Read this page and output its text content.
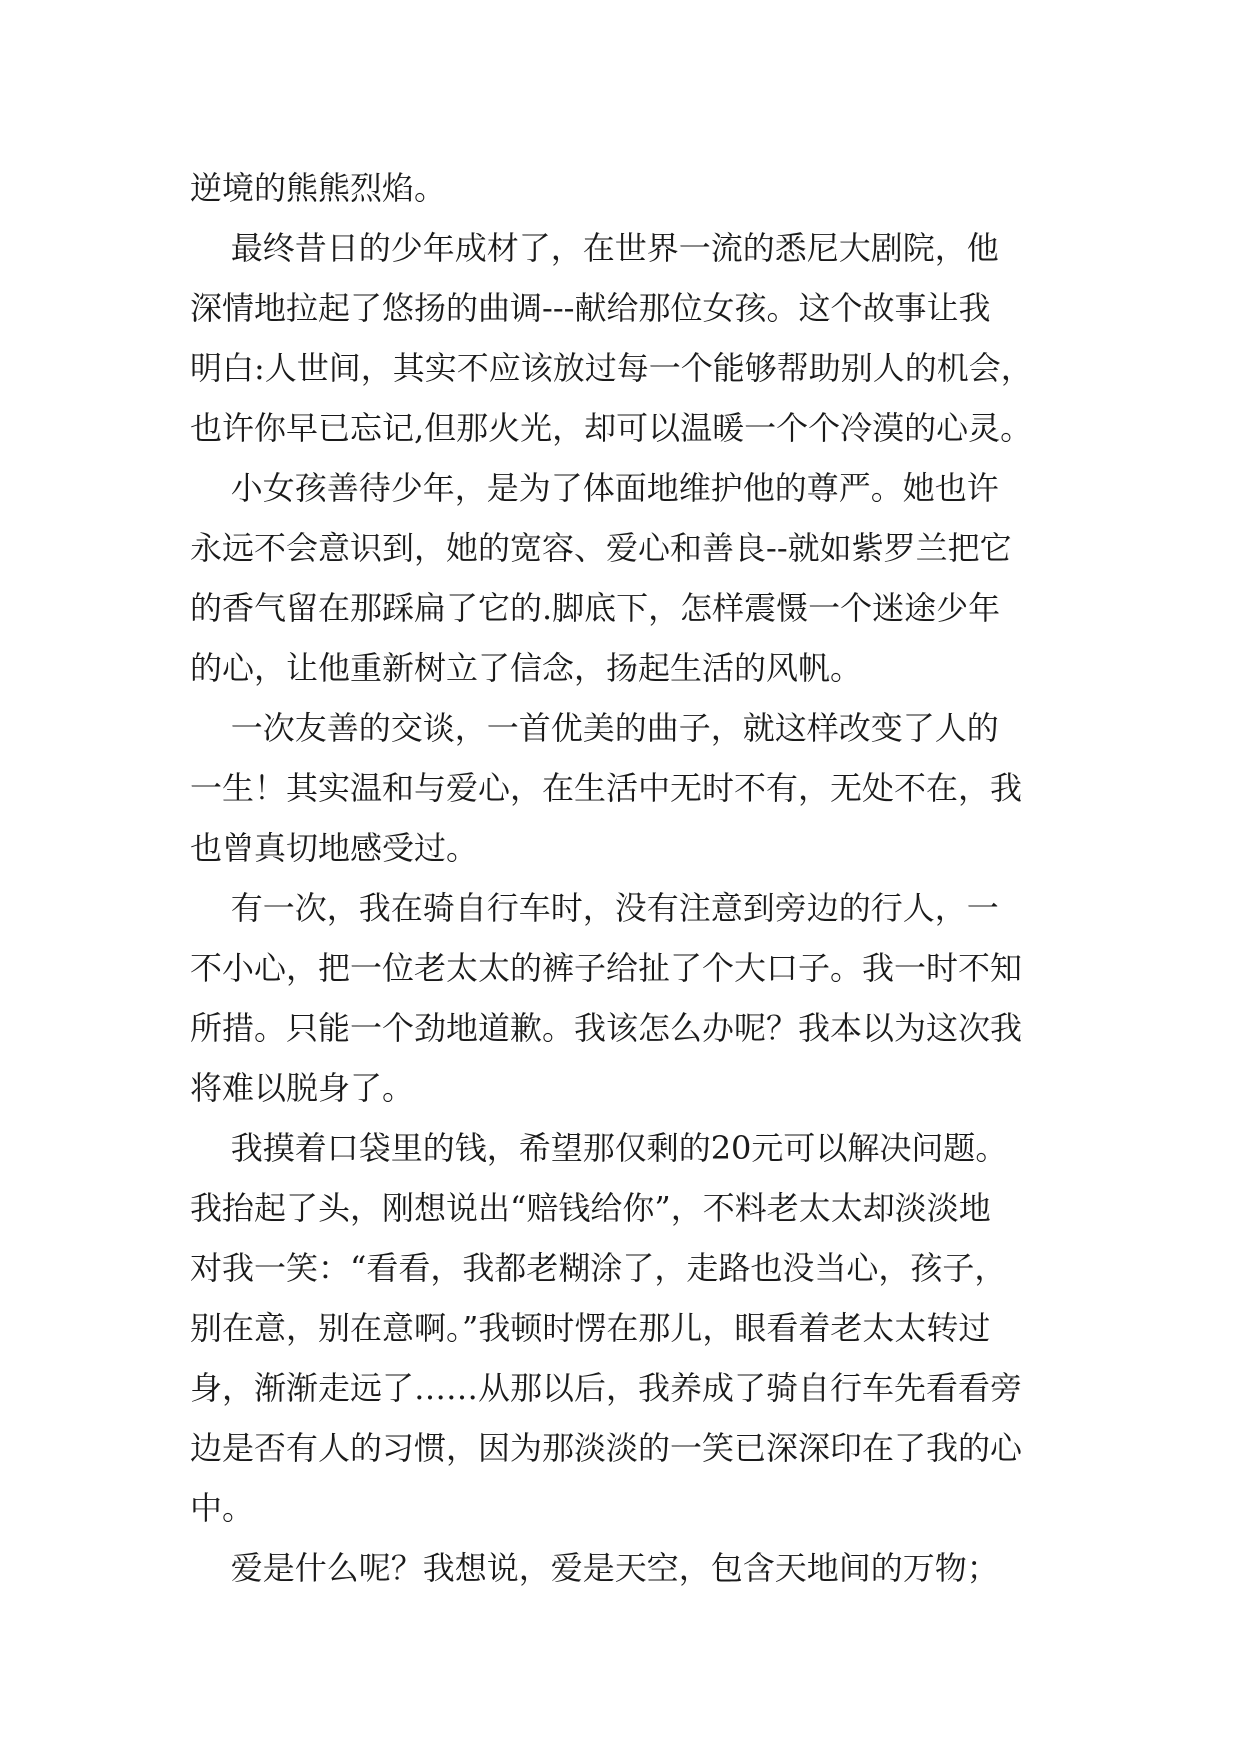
逆境的熊熊烈焰。
最终昔日的少年成材了，在世界一流的悉尼大剧院，他
深情地拉起了悠扬的曲调---献给那位女孩。这个故事让我
明白:人世间，其实不应该放过每一个能够帮助别人的机会，
也许你早已忘记,但那火光，却可以温暖一个个冷漠的心灵。
小女孩善待少年，是为了体面地维护他的尊严。她也许
永远不会意识到，她的宽容、爱心和善良--就如紫罗兰把它
的香气留在那踩扁了它的.脚底下，怎样震慑一个迷途少年
的心，让他重新树立了信念，扬起生活的风帆。
一次友善的交谈，一首优美的曲子，就这样改变了人的
一生！其实温和与爱心，在生活中无时不有，无处不在，我
也曾真切地感受过。
有一次，我在骑自行车时，没有注意到旁边的行人，一
不小心，把一位老太太的裤子给扯了个大口子。我一时不知
所措。只能一个劲地道歉。我该怎么办呢？我本以为这次我
将难以脱身了。
我摸着口袋里的钱，希望那仅剩的20元可以解决问题。
我抬起了头，刚想说出“赔钱给你”，不料老太太却淡淡地
对我一笑：“看看，我都老糊涂了，走路也没当心，孩子，
别在意，别在意啊。”我顿时愣在那儿，眼看着老太太转过
身，渐渐走远了……从那以后，我养成了骑自行车先看看旁
边是否有人的习惯，因为那淡淡的一笑已深深印在了我的心
中。
爱是什么呢？我想说，爱是天空，包含天地间的万物；
